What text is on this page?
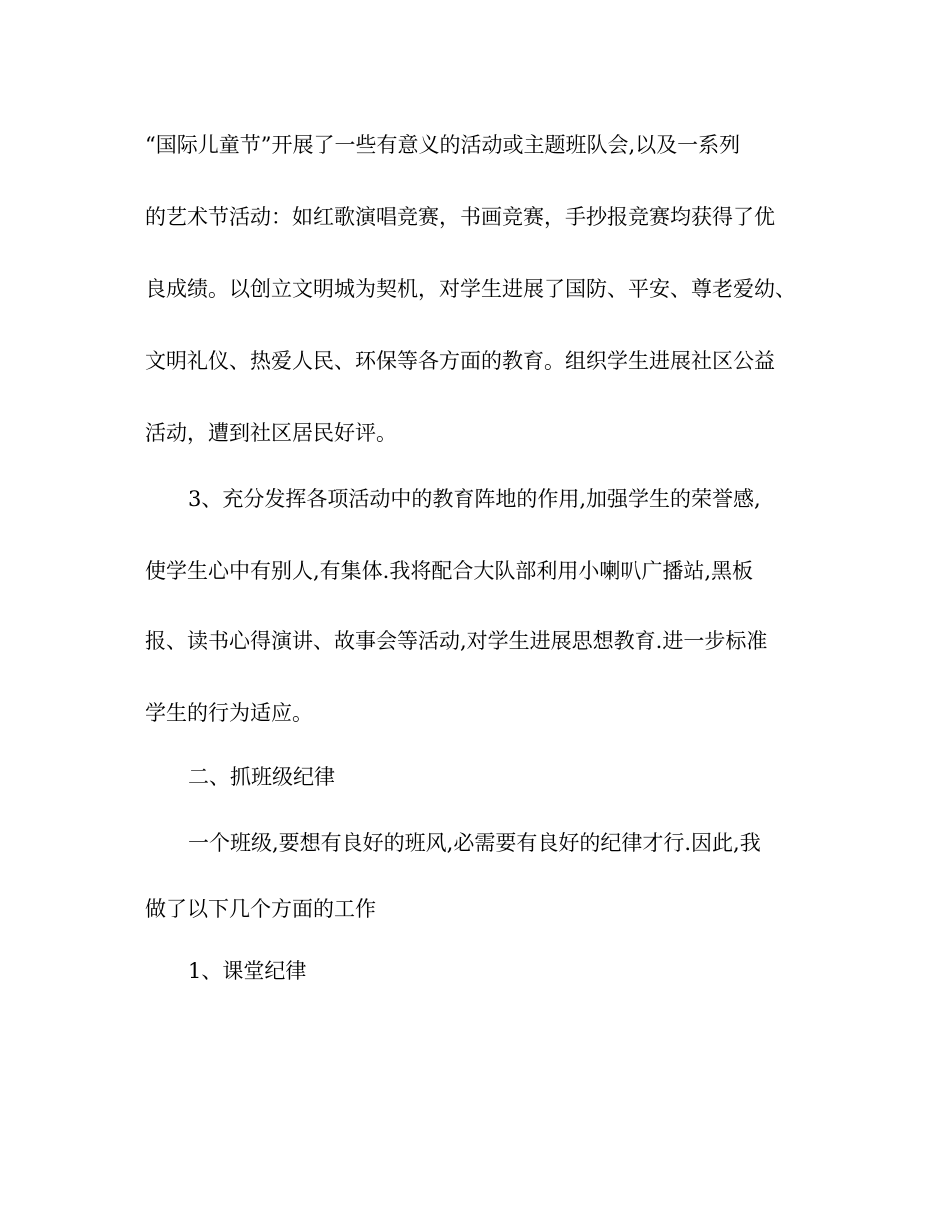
“国际儿童节”开展了一些有意义的活动或主题班队会,以及一系列

的艺术节活动：如红歌演唱竞赛，书画竞赛，手抄报竞赛均获得了优

良成绩。以创立文明城为契机，对学生进展了国防、平安、尊老爱幼、

文明礼仪、热爱人民、环保等各方面的教育。组织学生进展社区公益

活动，遭到社区居民好评。

3、充分发挥各项活动中的教育阵地的作用,加强学生的荣誉感,

使学生心中有别人,有集体.我将配合大队部利用小喇叭广播站,黑板

报、读书心得演讲、故事会等活动,对学生进展思想教育.进一步标准

学生的行为适应。

二、抓班级纪律

一个班级,要想有良好的班风,必需要有良好的纪律才行.因此,我

做了以下几个方面的工作

1、课堂纪律
